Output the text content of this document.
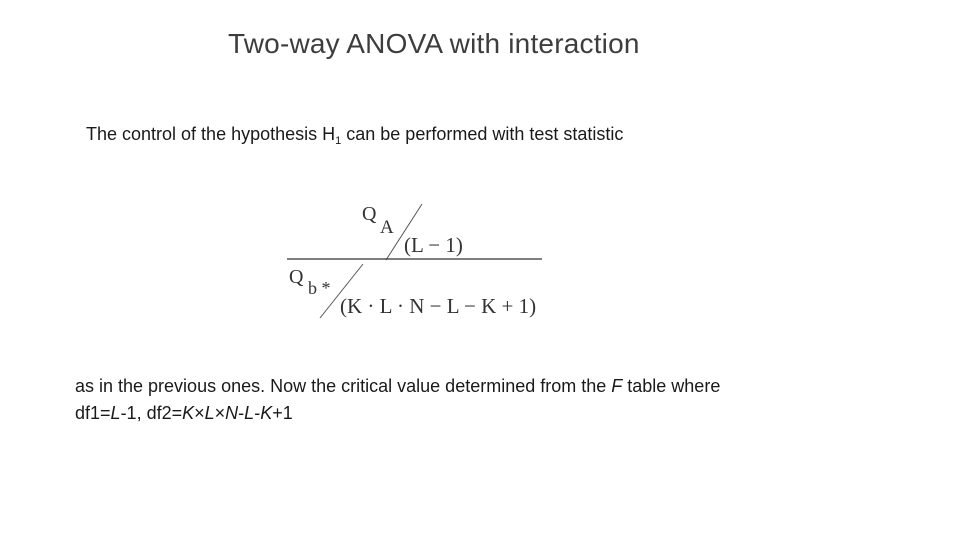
Two-way ANOVA with interaction
The control of the hypothesis $H_1$ can be performed with test statistic
Q
A
(L − 1)
Q b *
(K · L · N − L − K + 1)
as in the previous ones. Now the critical value determined from the F table where
df1=L-1, df2=K×L×N-L-K+1
